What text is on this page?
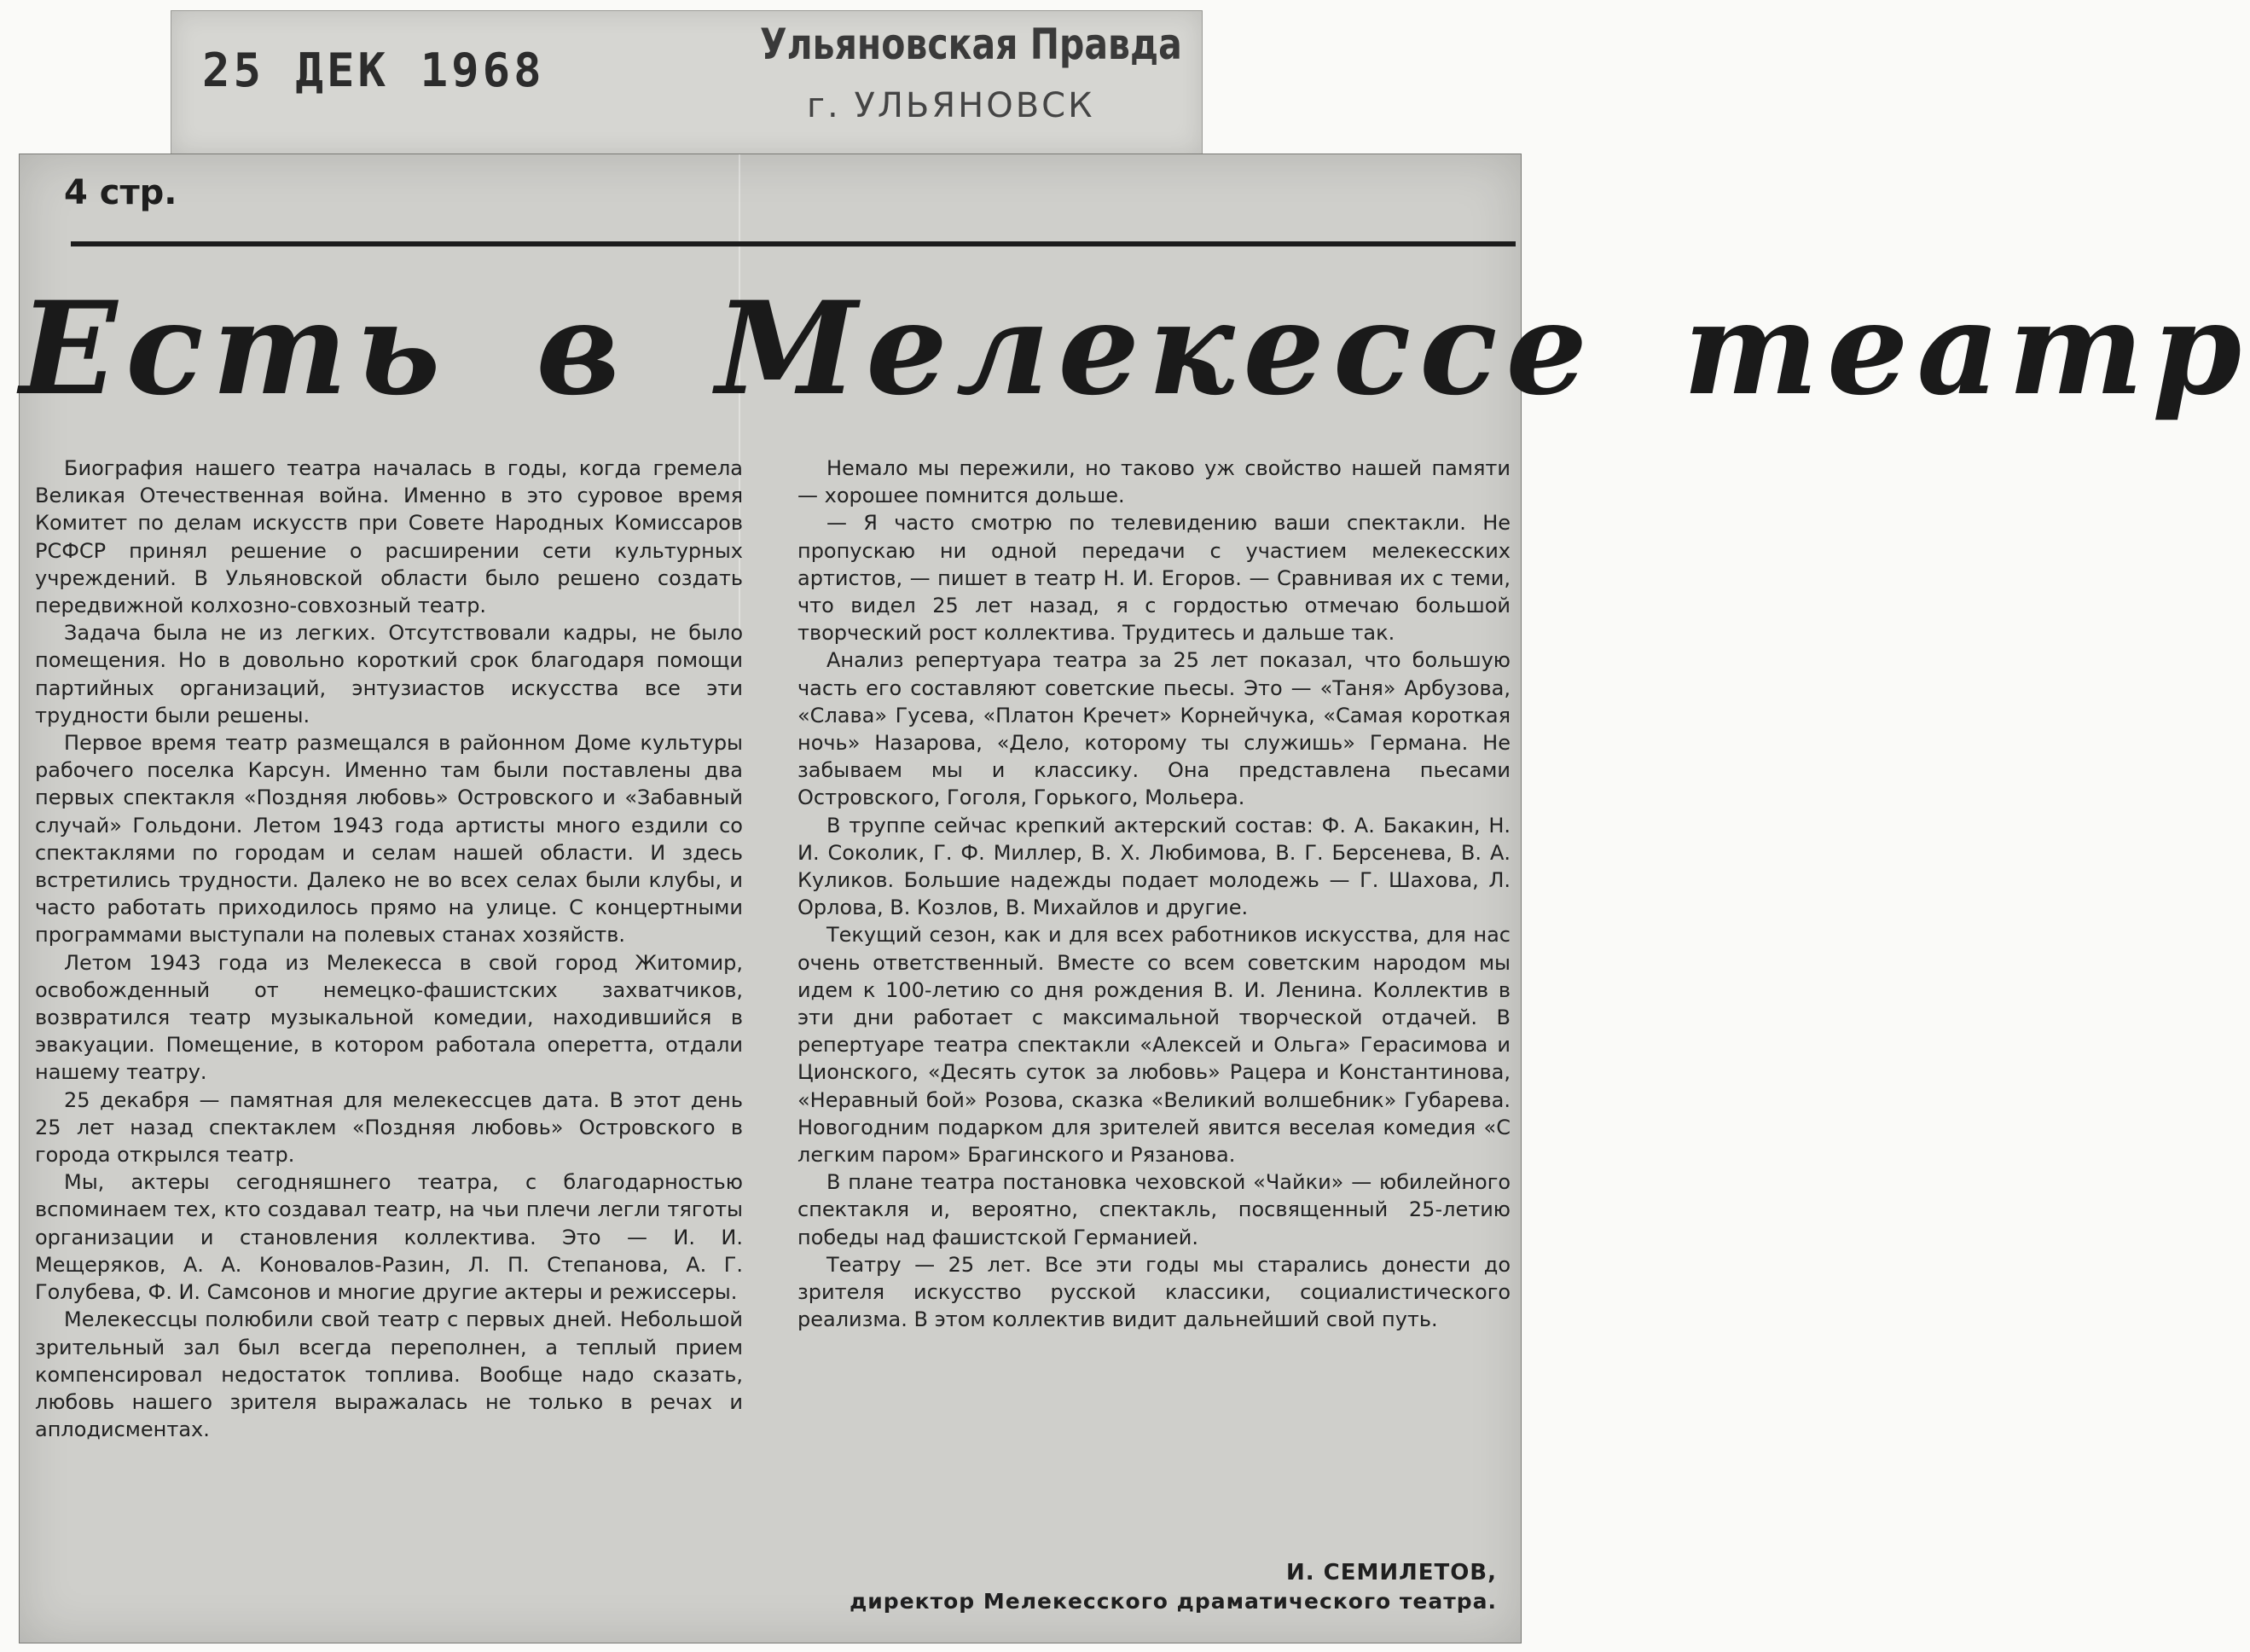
25 ДЕК 1968	Ульяновская Правда
г. УЛЬЯНОВСК
4 стр.
Есть в Мелекессе театр

Биография нашего театра началась в годы, когда гремела Великая Отечественная война. Именно в это суровое время Комитет по делам искусств при Совете Народных Комиссаров РСФСР принял решение о расширении сети культурных учреждений. В Ульяновской области было решено создать передвижной колхозно-совхозный театр.

Задача была не из легких. Отсутствовали кадры, не было помещения. Но в довольно короткий срок благодаря помощи партийных организаций, энтузиастов искусства все эти трудности были решены.

Первое время театр размещался в районном Доме культуры рабочего поселка Карсун. Именно там были поставлены два первых спектакля «Поздняя любовь» Островского и «Забавный случай» Гольдони. Летом 1943 года артисты много ездили со спектаклями по городам и селам нашей области. И здесь встретились трудности. Далеко не во всех селах были клубы, и часто работать приходилось прямо на улице. С концертными программами выступали на полевых станах хозяйств.

Летом 1943 года из Мелекесса в свой город Житомир, освобожденный от немецко-фашистских захватчиков, возвратился театр музыкальной комедии, находившийся в эвакуации. Помещение, в котором работала оперетта, отдали нашему театру.

25 декабря — памятная для мелекессцев дата. В этот день 25 лет назад спектаклем «Поздняя любовь» Островского в города открылся театр.

Мы, актеры сегодняшнего театра, с благодарностью вспоминаем тех, кто создавал театр, на чьи плечи легли тяготы организации и становления коллектива. Это — И. И. Мещеряков, А. А. Коновалов-Разин, Л. П. Степанова, А. Г. Голубева, Ф. И. Самсонов и многие другие актеры и режиссеры.

Мелекессцы полюбили свой театр с первых дней. Небольшой зрительный зал был всегда переполнен, а теплый прием компенсировал недостаток топлива. Вообще надо сказать, любовь нашего зрителя выражалась не только в речах и аплодисментах.

Немало мы пережили, но таково уж свойство нашей памяти — хорошее помнится дольше.

— Я часто смотрю по телевидению ваши спектакли. Не пропускаю ни одной передачи с участием мелекесских артистов, — пишет в театр Н. И. Егоров. — Сравнивая их с теми, что видел 25 лет назад, я с гордостью отмечаю большой творческий рост коллектива. Трудитесь и дальше так.

Анализ репертуара театра за 25 лет показал, что большую часть его составляют советские пьесы. Это — «Таня» Арбузова, «Слава» Гусева, «Платон Кречет» Корнейчука, «Самая короткая ночь» Назарова, «Дело, которому ты служишь» Германа. Не забываем мы и классику. Она представлена пьесами Островского, Гоголя, Горького, Мольера.

В труппе сейчас крепкий актерский состав: Ф. А. Бакакин, Н. И. Соколик, Г. Ф. Миллер, В. Х. Любимова, В. Г. Берсенева, В. А. Куликов. Большие надежды подает молодежь — Г. Шахова, Л. Орлова, В. Козлов, В. Михайлов и другие.

Текущий сезон, как и для всех работников искусства, для нас очень ответственный. Вместе со всем советским народом мы идем к 100-летию со дня рождения В. И. Ленина. Коллектив в эти дни работает с максимальной творческой отдачей. В репертуаре театра спектакли «Алексей и Ольга» Герасимова и Ционского, «Десять суток за любовь» Рацера и Константинова, «Неравный бой» Розова, сказка «Великий волшебник» Губарева. Новогодним подарком для зрителей явится веселая комедия «С легким паром» Брагинского и Рязанова.

В плане театра постановка чеховской «Чайки» — юбилейного спектакля и, вероятно, спектакль, посвященный 25-летию победы над фашистской Германией.

Театру — 25 лет. Все эти годы мы старались донести до зрителя искусство русской классики, социалистического реализма. В этом коллектив видит дальнейший свой путь.

И. СЕМИЛЕТОВ,
директор Мелекесского драматического театра.
